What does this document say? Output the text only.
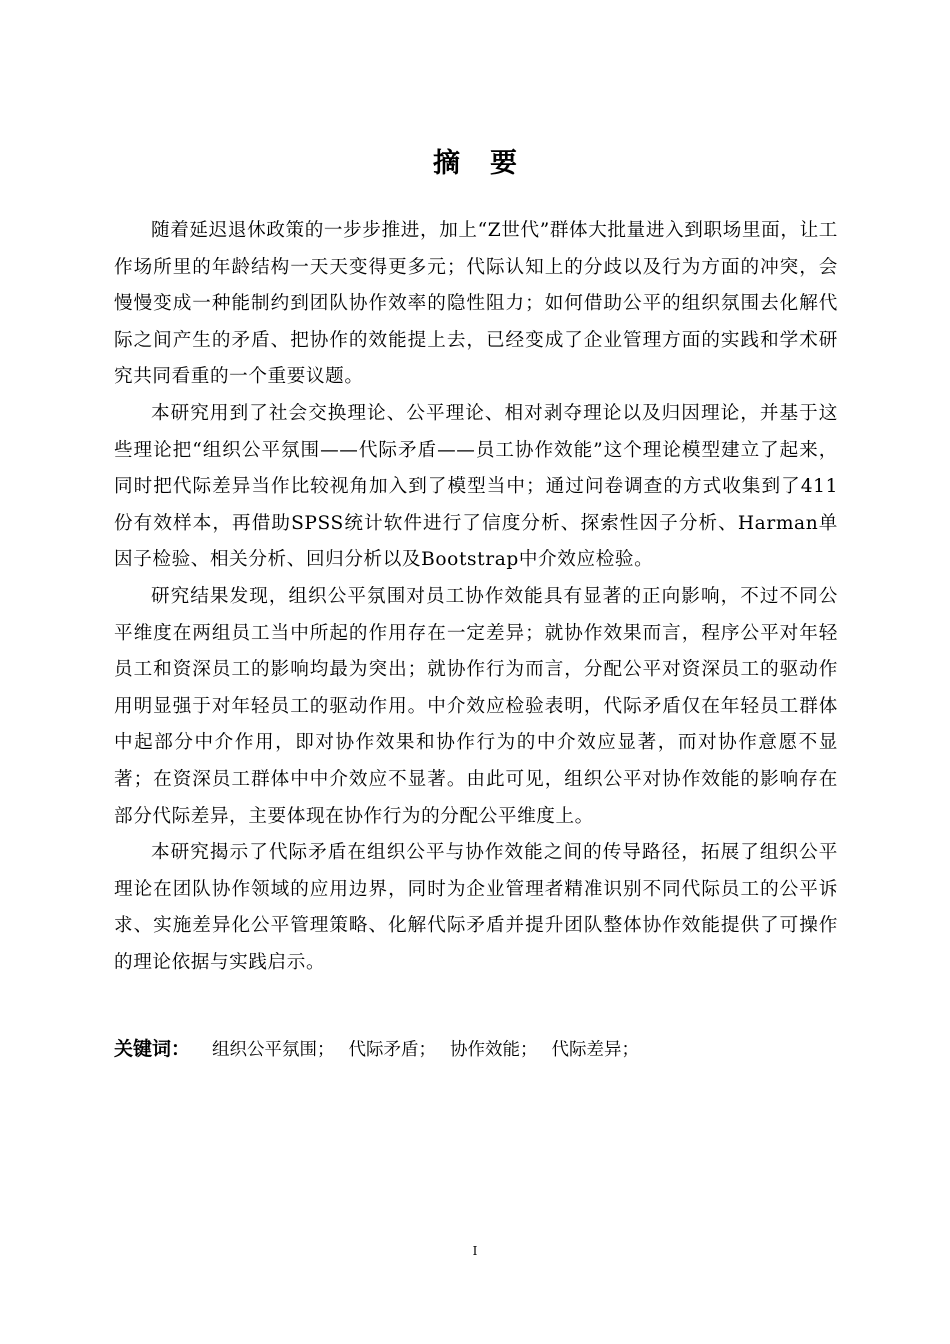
摘 要

随着延迟退休政策的一步步推进，加上“Z世代”群体大批量进入到职场里面，让工作场所里的年龄结构一天天变得更多元；代际认知上的分歧以及行为方面的冲突，会慢慢变成一种能制约到团队协作效率的隐性阻力；如何借助公平的组织氛围去化解代际之间产生的矛盾、把协作的效能提上去，已经变成了企业管理方面的实践和学术研究共同看重的一个重要议题。

本研究用到了社会交换理论、公平理论、相对剥夺理论以及归因理论，并基于这些理论把“组织公平氛围——代际矛盾——员工协作效能”这个理论模型建立了起来，同时把代际差异当作比较视角加入到了模型当中；通过问卷调查的方式收集到了411份有效样本，再借助SPSS统计软件进行了信度分析、探索性因子分析、Harman单因子检验、相关分析、回归分析以及Bootstrap中介效应检验。

研究结果发现，组织公平氛围对员工协作效能具有显著的正向影响，不过不同公平维度在两组员工当中所起的作用存在一定差异；就协作效果而言，程序公平对年轻员工和资深员工的影响均最为突出；就协作行为而言，分配公平对资深员工的驱动作用明显强于对年轻员工的驱动作用。中介效应检验表明，代际矛盾仅在年轻员工群体中起部分中介作用，即对协作效果和协作行为的中介效应显著，而对协作意愿不显著；在资深员工群体中中介效应不显著。由此可见，组织公平对协作效能的影响存在部分代际差异，主要体现在协作行为的分配公平维度上。

本研究揭示了代际矛盾在组织公平与协作效能之间的传导路径，拓展了组织公平理论在团队协作领域的应用边界，同时为企业管理者精准识别不同代际员工的公平诉求、实施差异化公平管理策略、化解代际矛盾并提升团队整体协作效能提供了可操作的理论依据与实践启示。

关键词： 组织公平氛围； 代际矛盾； 协作效能； 代际差异；
I
